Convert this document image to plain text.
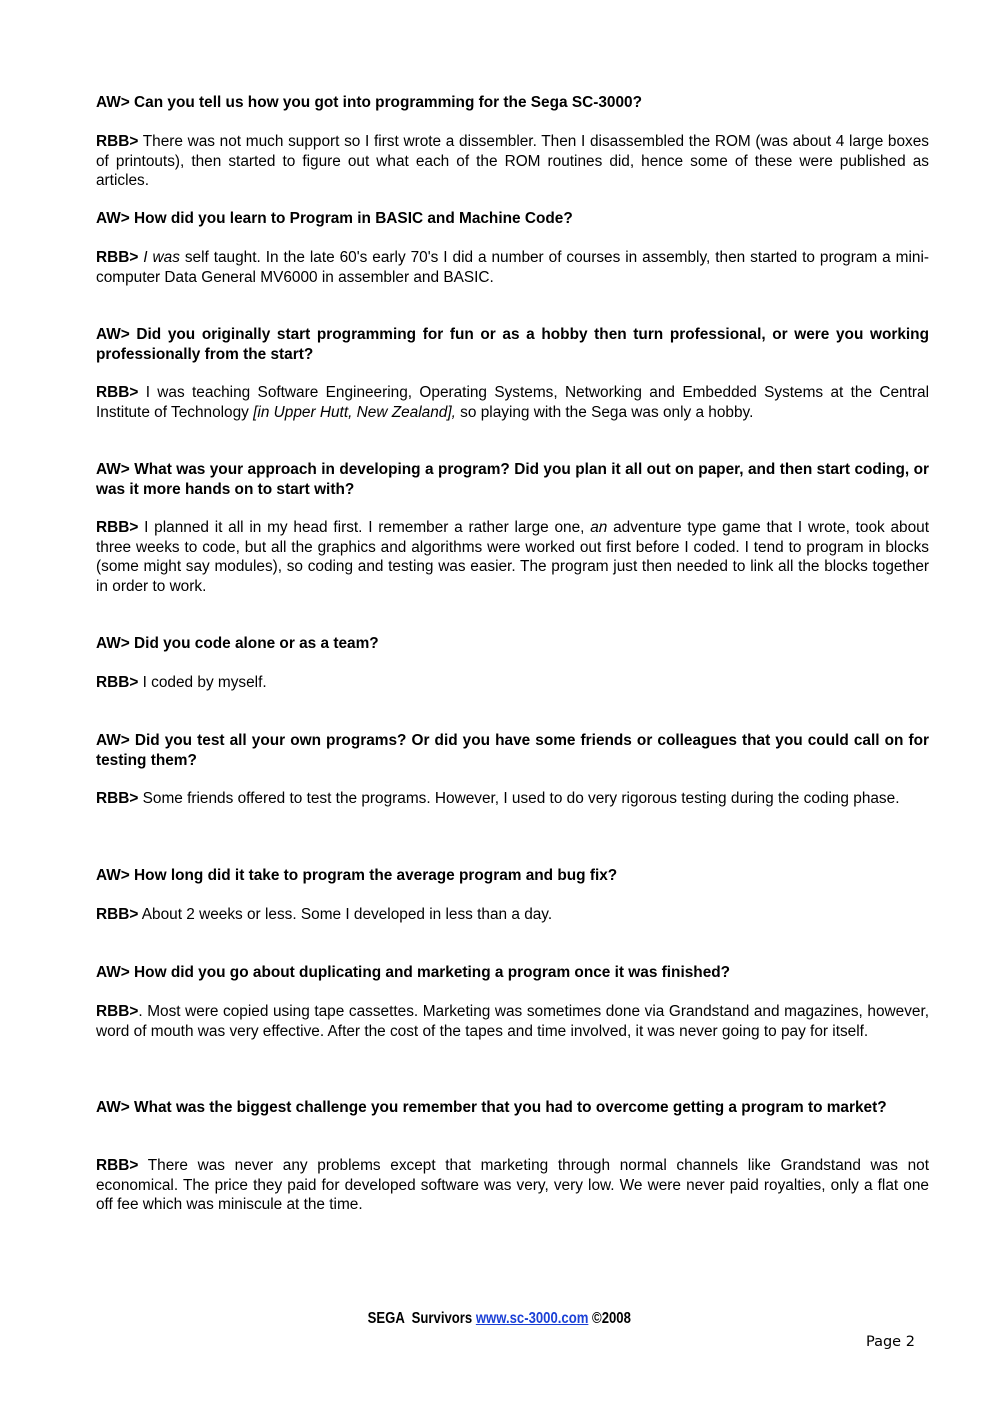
AW> Can you tell us how you got into programming for the Sega SC-3000?

RBB> There was not much support so I first wrote a dissembler. Then I disassembled the ROM (was about 4 large boxes of printouts), then started to figure out what each of the ROM routines did, hence some of these were published as articles.

AW> How did you learn to Program in BASIC and Machine Code?

RBB> I was self taught. In the late 60's early 70's I did a number of courses in assembly, then started to program a mini-computer Data General MV6000 in assembler and BASIC.

AW> Did you originally start programming for fun or as a hobby then turn professional, or were you working professionally from the start?

RBB> I was teaching Software Engineering, Operating Systems, Networking and Embedded Systems at the Central Institute of Technology [in Upper Hutt, New Zealand], so playing with the Sega was only a hobby.

AW> What was your approach in developing a program? Did you plan it all out on paper, and then start coding, or was it more hands on to start with?

RBB> I planned it all in my head first. I remember a rather large one, an adventure type game that I wrote, took about three weeks to code, but all the graphics and algorithms were worked out first before I coded. I tend to program in blocks (some might say modules), so coding and testing was easier. The program just then needed to link all the blocks together in order to work.

AW> Did you code alone or as a team?

RBB> I coded by myself.

AW> Did you test all your own programs? Or did you have some friends or colleagues that you could call on for testing them?

RBB> Some friends offered to test the programs. However, I used to do very rigorous testing during the coding phase.

AW> How long did it take to program the average program and bug fix?

RBB> About 2 weeks or less. Some I developed in less than a day.

AW> How did you go about duplicating and marketing a program once it was finished?

RBB>. Most were copied using tape cassettes. Marketing was sometimes done via Grandstand and magazines, however, word of mouth was very effective. After the cost of the tapes and time involved, it was never going to pay for itself.

AW> What was the biggest challenge you remember that you had to overcome getting a program to market?

RBB> There was never any problems except that marketing through normal channels like Grandstand was not economical. The price they paid for developed software was very, very low. We were never paid royalties, only a flat one off fee which was miniscule at the time.

SEGA  Survivors www.sc-3000.com ©2008
Page 2
